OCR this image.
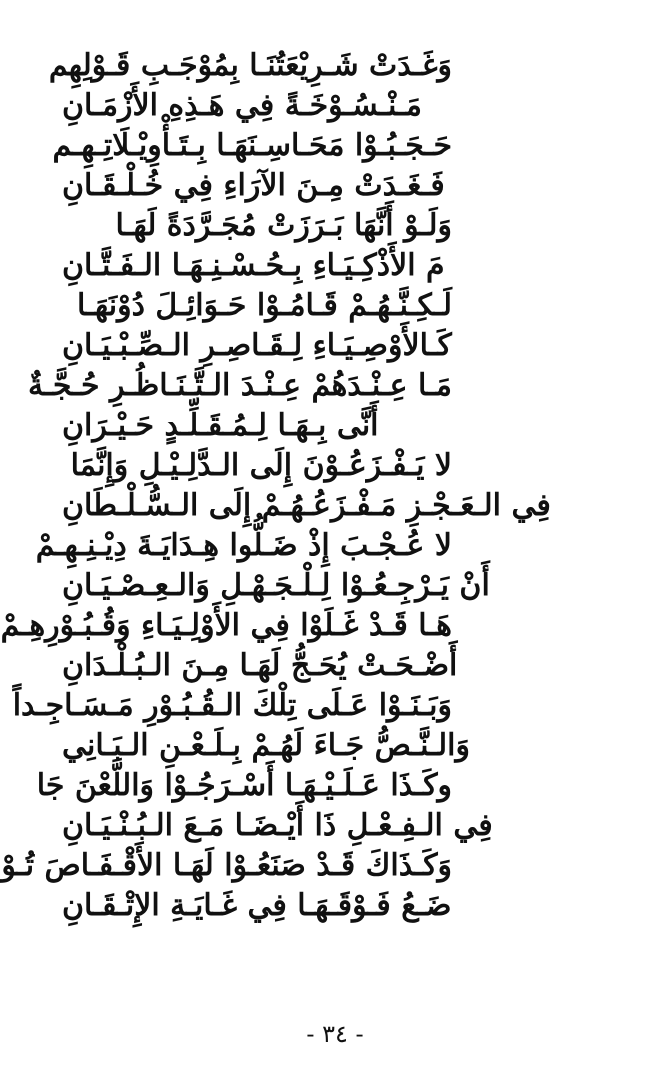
وَغَـدَتْ شَـرِيْعَتُنَـا بِمُوْجَـبِ قَـوْلِهِم
مَـنْـسُـوْخَـةً فِي هَـذِهِ الأَزْمَـانِ
حَـجَـبُـوْا مَحَـاسِـنَهَـا بِـتَـأْوِيْـلَاتِـهِـم
فَـغَـدَتْ مِـنَ الآرَاءِ فِي خُـلْـقَـانِ
وَلَـوْ أَنَّهَا بَـرَزَتْ مُجَـرَّدَةً لَهَـا
مَ الأَذْكِـيَـاءِ بِـحُـسْـنِـهَـا الـفَـتَّـانِ
لَـكِـنَّـهُـمْ قَـامُـوْا حَـوَائِـلَ دُوْنَهَـا
كَـالأَوْصِـيَـاءِ لِـقَـاصِـرِ الـصِّـبْـيَـانِ
مَـا عِـنْـدَهُمْ عِـنْـدَ الـتَّـنَـاظُـرِ حُـجَّـةٌ
أَنَّى بِـهَـا لِـمُـقَـلِّـدٍ حَـيْـرَانِ
لا يَـفْـزَعُـوْنَ إِلَى الـدَّلِـيْـلِ وَإِنَّمَا
فِي الـعَـجْـزِ مَـفْـزَعُـهُـمْ إِلَى الـسُّـلْـطَانِ
لا عُـجْـبَ إِذْ ضَـلُّوا هِـدَايَـةَ دِيْـنِـهِـمْ
أَنْ يَـرْجِـعُـوْا لِـلْـجَـهْـلِ وَالـعِـصْـيَـانِ
هَـا قَـدْ غَـلَوْا فِي الأَوْلِـيَـاءِ وَقُـبُـوْرِهِـمْ
أَضْـحَـتْ يُحَـجُّ لَهَـا مِـنَ الـبُـلْـدَانِ
وَبَـنَـوْا عَـلَى تِلْكَ الـقُـبُـوْرِ مَـسَـاجِـداً
وَالـنَّـصُّ جَـاءَ لَهُـمْ بِـلَـعْـنِ الـبَـانِي
وكَـذَا عَـلَـيْـهَـا أَسْـرَجُـوْا وَاللَّعْنَ جَا
فِي الـفِـعْـلِ ذَا أَيْـضَـا مَـعَ الـبُـنْـيَـانِ
وَكَـذَاكَ قَـدْ صَنَعُـوْا لَهَـا الأَقْـفَـاصَ تُـوْ
ضَـعُ فَـوْقَـهَـا فِي غَـايَـةِ الإِتْـقَـانِ
- ٣٤ -
